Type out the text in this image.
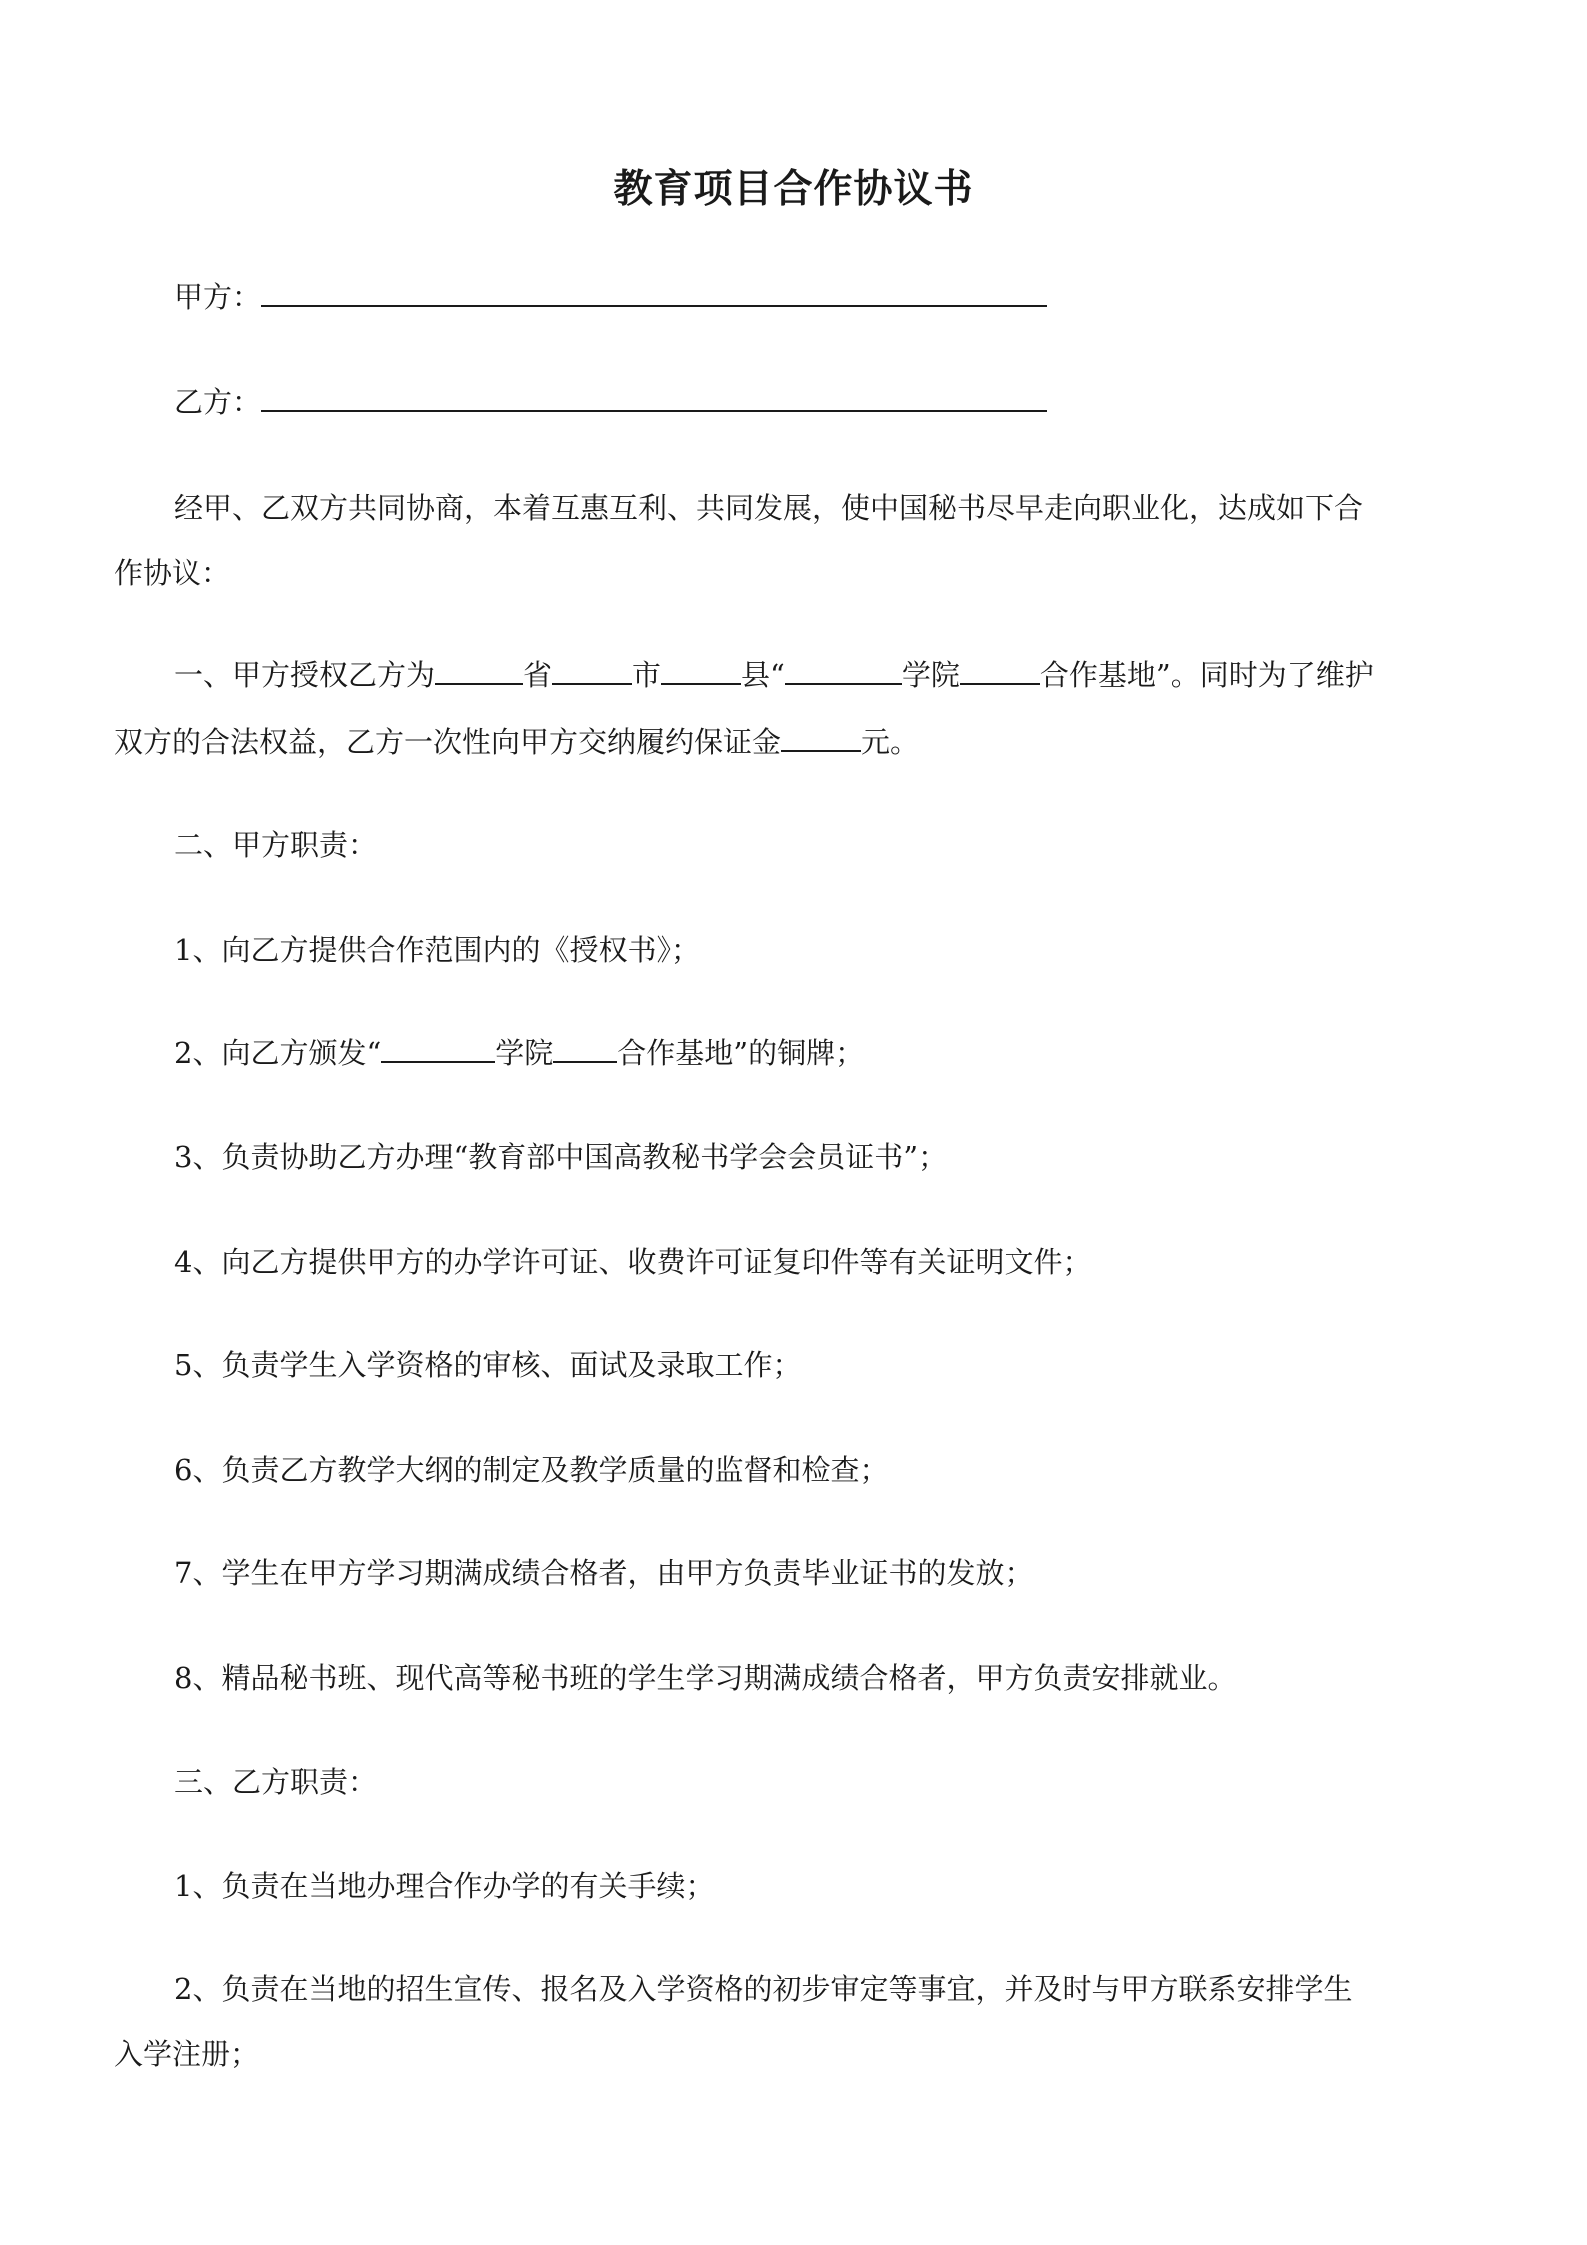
教育项目合作协议书
甲方：
乙方：
经甲、乙双方共同协商，本着互惠互利、共同发展，使中国秘书尽早走向职业化，达成如下合
作协议：
一、甲方授权乙方为	省	市	县“	学院	合作基地”。同时为了维护
双方的合法权益，乙方一次性向甲方交纳履约保证金	元。
二、甲方职责：
1、向乙方提供合作范围内的《授权书》；
2、向乙方颁发“	学院 合作基地”的铜牌；
3、负责协助乙方办理“教育部中国高教秘书学会会员证书”；
4、向乙方提供甲方的办学许可证、收费许可证复印件等有关证明文件；
5、负责学生入学资格的审核、面试及录取工作；
6、负责乙方教学大纲的制定及教学质量的监督和检查；
7、学生在甲方学习期满成绩合格者，由甲方负责毕业证书的发放；
8、精品秘书班、现代高等秘书班的学生学习期满成绩合格者，甲方负责安排就业。
三、乙方职责：
1、负责在当地办理合作办学的有关手续；
2、负责在当地的招生宣传、报名及入学资格的初步审定等事宜，并及时与甲方联系安排学生
入学注册；
